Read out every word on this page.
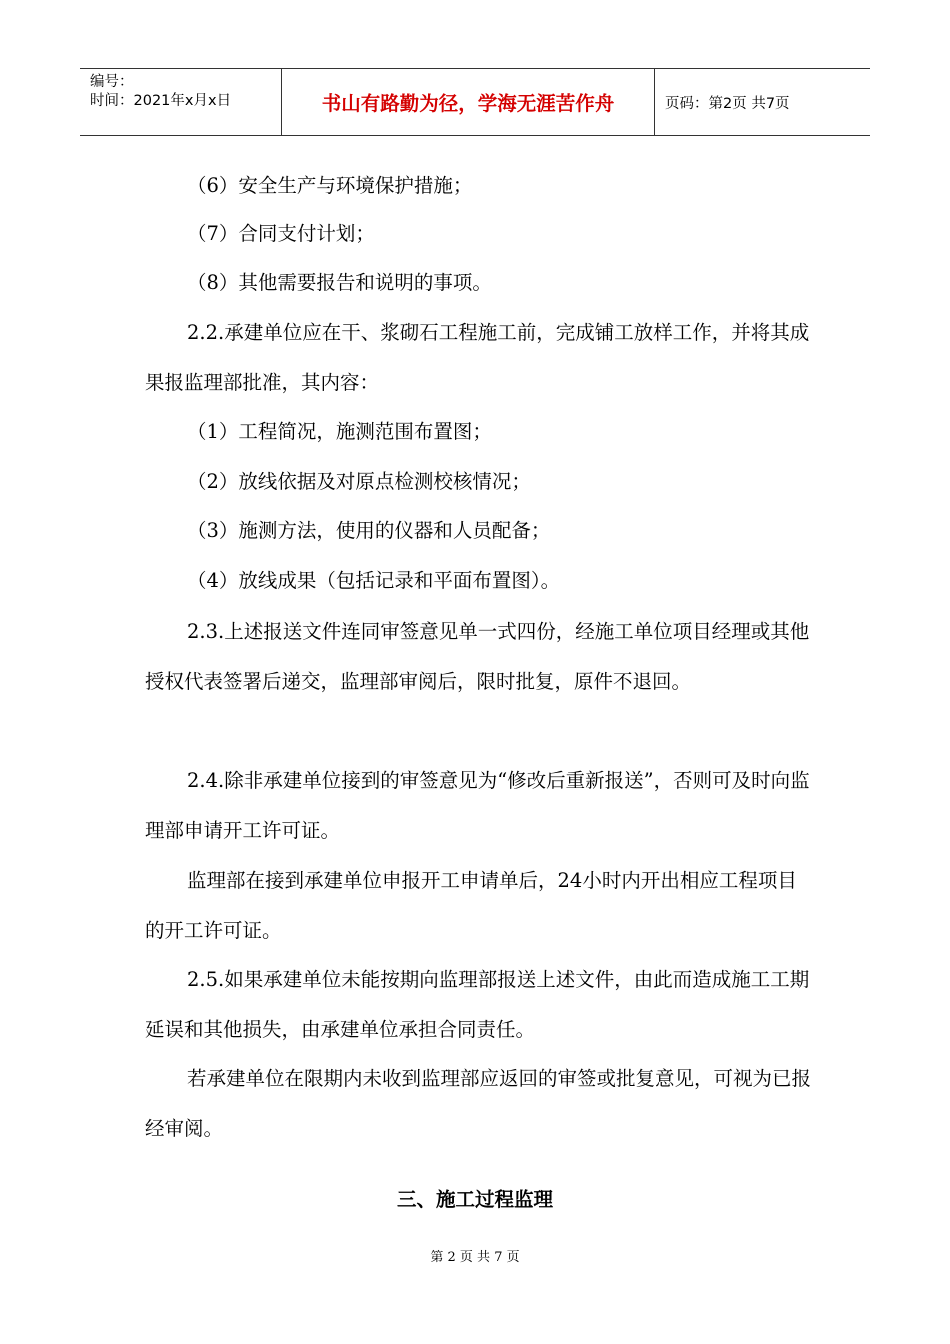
编号：
时间：2021年x月x日	书山有路勤为径，学海无涯苦作舟	页码：第2页 共7页

（6）安全生产与环境保护措施；

（7）合同支付计划；

（8）其他需要报告和说明的事项。

2.2.承建单位应在干、浆砌石工程施工前，完成铺工放样工作，并将其成果报监理部批准，其内容：

（1）工程简况，施测范围布置图；

（2）放线依据及对原点检测校核情况；

（3）施测方法，使用的仪器和人员配备；

（4）放线成果（包括记录和平面布置图）。

2.3.上述报送文件连同审签意见单一式四份，经施工单位项目经理或其他授权代表签署后递交，监理部审阅后，限时批复，原件不退回。

2.4.除非承建单位接到的审签意见为“修改后重新报送”，否则可及时向监理部申请开工许可证。

监理部在接到承建单位申报开工申请单后，24小时内开出相应工程项目的开工许可证。

2.5.如果承建单位未能按期向监理部报送上述文件，由此而造成施工工期延误和其他损失，由承建单位承担合同责任。

若承建单位在限期内未收到监理部应返回的审签或批复意见，可视为已报经审阅。

三、施工过程监理
第 2 页 共 7 页
